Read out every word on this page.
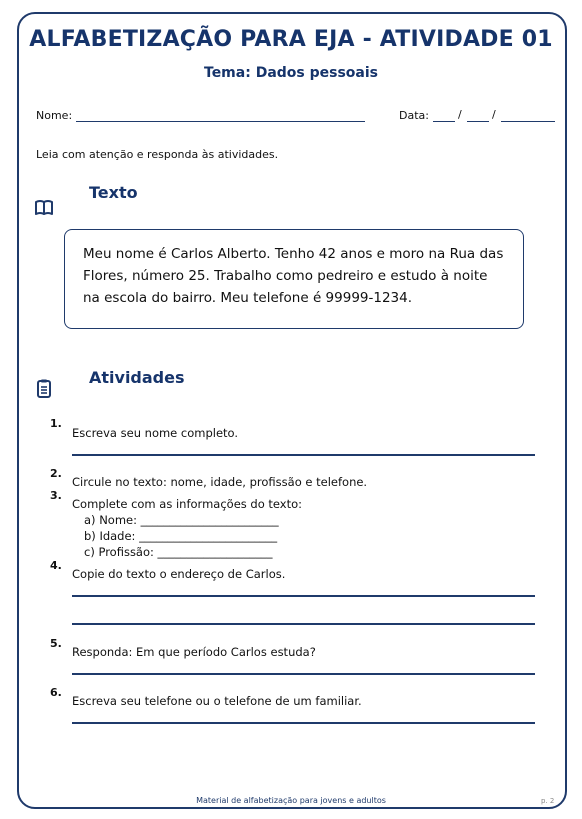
ALFABETIZAÇÃO PARA EJA - ATIVIDADE 01
Tema: Dados pessoais
Nome:	Data:	/	/
Leia com atenção e responda às atividades.
Texto
Meu nome é Carlos Alberto. Tenho 42 anos e moro na Rua das Flores, número 25. Trabalho como pedreiro e estudo à noite na escola do bairro. Meu telefone é 99999-1234.
Atividades
1.
Escreva seu nome completo.
2.
Circule no texto: nome, idade, profissão e telefone.
3.
Complete com as informações do texto:
a) Nome: ________________________
b) Idade: ________________________
c) Profissão: ____________________
4.
Copie do texto o endereço de Carlos.
5.
Responda: Em que período Carlos estuda?
6.
Escreva seu telefone ou o telefone de um familiar.
Material de alfabetização para jovens e adultos	p. 2
